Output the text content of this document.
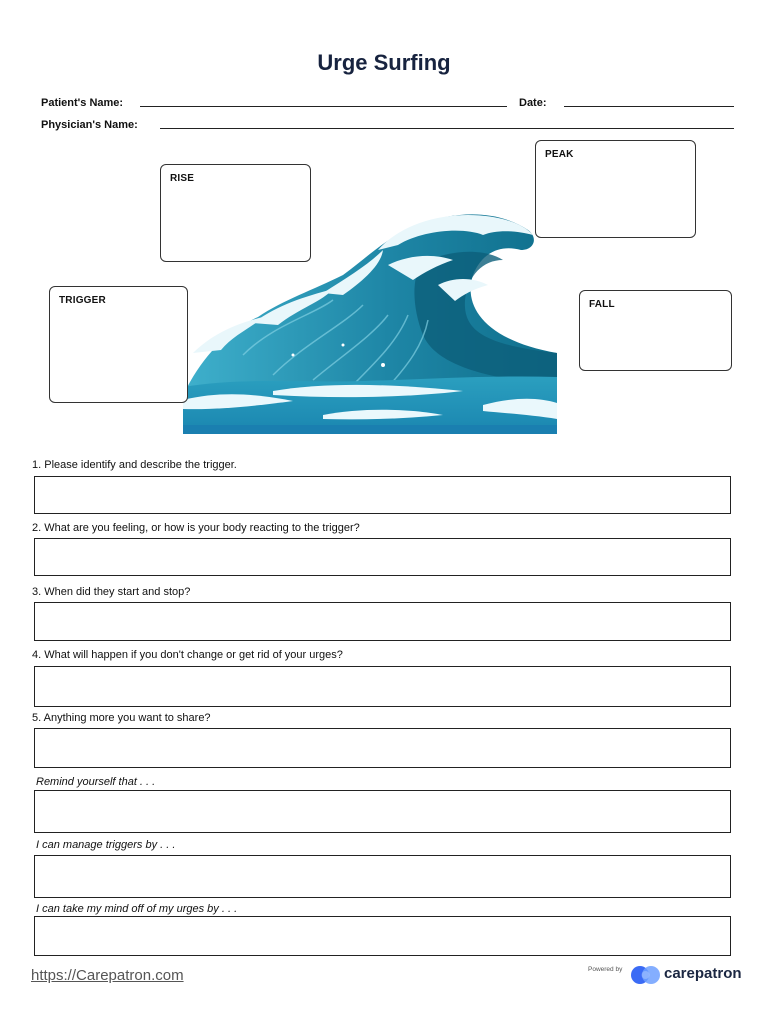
Urge Surfing
Patient's Name:	Date:
Physician's Name:
RISE
PEAK
TRIGGER	FALL
1. Please identify and describe the trigger.
2. What are you feeling, or how is your body reacting to the trigger?
3. When did they start and stop?
4. What will happen if you don't change or get rid of your urges?
5. Anything more you want to share?
Remind yourself that . . .
I can manage triggers by . . .
I can take my mind off of my urges by . . .
https://Carepatron.com	Powered by	carepatron
